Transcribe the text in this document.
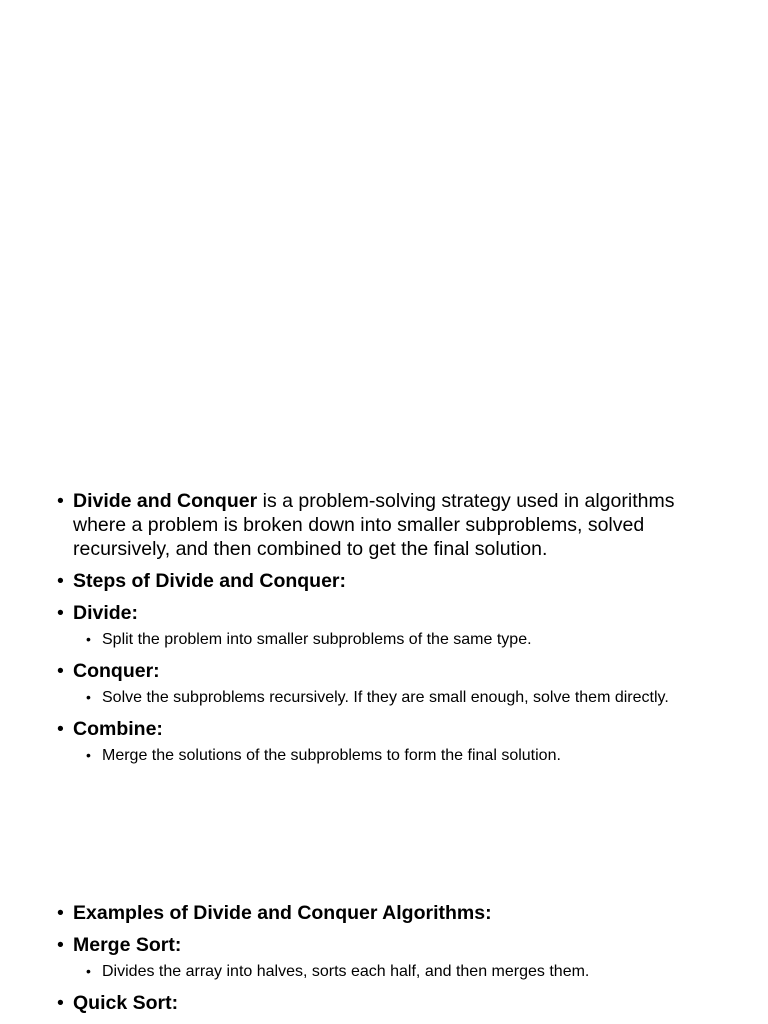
• Divide and Conquer is a problem-solving strategy used in algorithms where a problem is broken down into smaller subproblems, solved recursively, and then combined to get the final solution.
• Steps of Divide and Conquer:
• Divide:
• Split the problem into smaller subproblems of the same type.
• Conquer:
• Solve the subproblems recursively. If they are small enough, solve them directly.
• Combine:
• Merge the solutions of the subproblems to form the final solution.
• Examples of Divide and Conquer Algorithms:
• Merge Sort:
• Divides the array into halves, sorts each half, and then merges them.
• Quick Sort:
